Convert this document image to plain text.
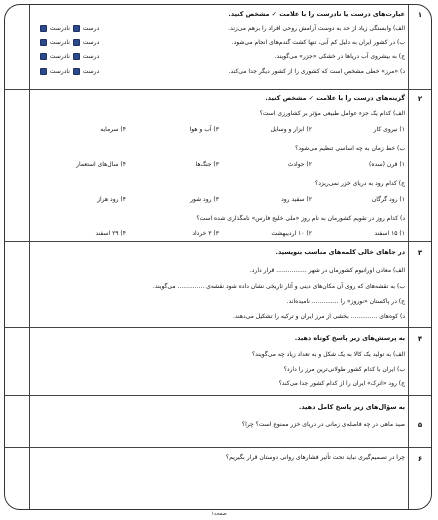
۱
عبارت‌های درست یا نادرست را با علامت ✓ مشخص کنید.
الف) وابستگی زیاد از حد به دوست آرامش روحی افراد را برهم می‌زند.
ب) در کشور ایران به دلیل کم آبی، تنها کشت گندم‌های انجام می‌شود.
ج) به بیشروی آب دریاها در خشکی «جزر» می‌گویند.
د) «مرز» خطی مشخص است که کشوری را از کشور دیگر جدا می‌کند.
درست  نادرست
درست  نادرست
درست  نادرست
درست  نادرست
۲
گزینه‌های درست را با علامت ✓ مشخص کنید.
الف) کدام یک جزء عوامل طبیعی مؤثر بر کشاورزی است؟
۱) نیروی کار
۲) ابزار و وسایل
۳) آب و هوا
۴) سرمایه
ب) خط زمان به چه اساسی تنظیم می‌شود؟
۱) قرن (سده)
۲) حوادث
۳) جنگ‌ها
۴) سال‌های استعمار
ج) کدام رود به دریای خزر نمی‌ریزد؟
۱) رود گرگان
۲) سفید رود
۳) رود شور
۴) رود هراز
د) کدام روز در تقویم کشورمان به نام روز «ملی خلیج فارس» نامگذاری شده است؟
۱) ۱۵ اسفند
۲) ۱۰ اردیبهشت
۳) ۳ خرداد
۴) ۲۹ اسفند
۳
در جاهای خالی کلمه‌های مناسب بنویسید.
الف) معادن اورانیوم کشورمان در شهر ................ قرار دارد.
ب) به نقشه‌های که روی آن مکان‌های دینی و آثار تاریخی نشان داده شود نقشه‌ی .............. می‌گویند.
ج) در پاکستان «نوروز» را .............. نامیده‌اند.
د) کوه‌های .............. بخشی از مرز ایران و ترکیه را تشکیل می‌دهند.
۴
به پرسش‌های زیر پاسخ کوتاه دهید.
الف) به تولید یک کالا به یک شکل و به تعداد زیاد چه می‌گویند؟
ب) ایران با کدام کشور طولانی‌ترین مرز را دارد؟
ج) رود «اترک» ایران را از کدام کشور جدا می‌کند؟
۵
به سؤال‌های زیر پاسخ کامل دهید.
صید ماهی در چه فاصله‌ی زمانی در دریای خزر ممنوع است؟ چرا؟
۶
چرا در تصمیم‌گیری نباید تحت تأثیر فشارهای روانی دوستان قرار بگیریم؟
صفحه۱
